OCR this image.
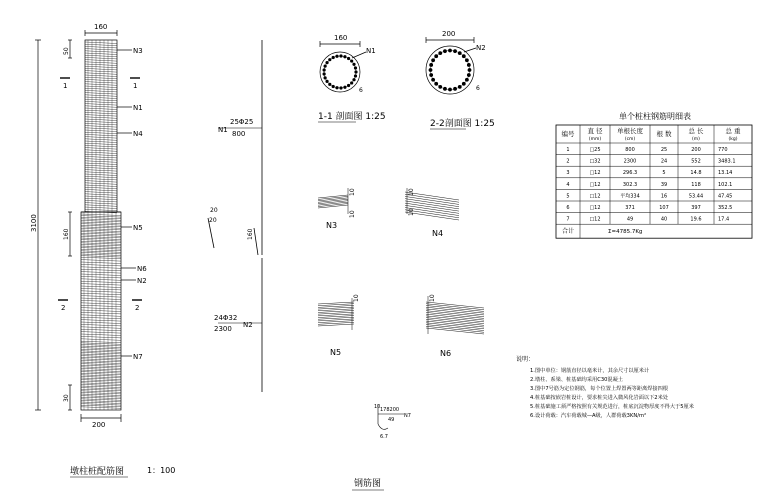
160
200
3100
50
160
30
1	1
2	2
N3
N1
N4
N5
N6
N2
N7
墩柱桩配筋图	1：100
N1
25Φ25
800
24Φ32
2300 N2
20
20
160
160
N1
6
1-1 剖面图 1:25
200
N2
6
2-2剖面图 1:25
N3
N4
N5	N6
10
10
10
10
10	10
10 178200
N7
49
6.7
单个桩柱钢筋明细表
编号 直 径
(mm)
单根长度
(cm)
根 数	总 长
(m)
总 重
(kg)
1	□25	800	25	200	770
2	□32	2300	24	552	3483.1
3	□12	296.3	5	14.8	13.14
4	□12	302.3	39	118	102.1
5	□12	平均334	16	53.44	47.45
6	□12	371	107	397	352.5
7	□12	49	40	19.6	17.4
合计	Σ=4785.7Kg
说明：
1.图中单位：钢筋直径以毫米计，其余尺寸以厘米计
2.墩柱、系梁、桩基础均采用C30混凝土
3.图中7号筋为定位钢筋，每个位置上焊置两等距离焊接四根
4.桩基础按嵌岩桩设计，要求桩尖进入微风化岩面以下2米处
5.桩基础施工须严格按照有关规范进行，桩底沉淀物厚度不得大于5厘米
6.设计荷载：汽车荷载城—A级，人群荷载3KN/m²
钢筋图
